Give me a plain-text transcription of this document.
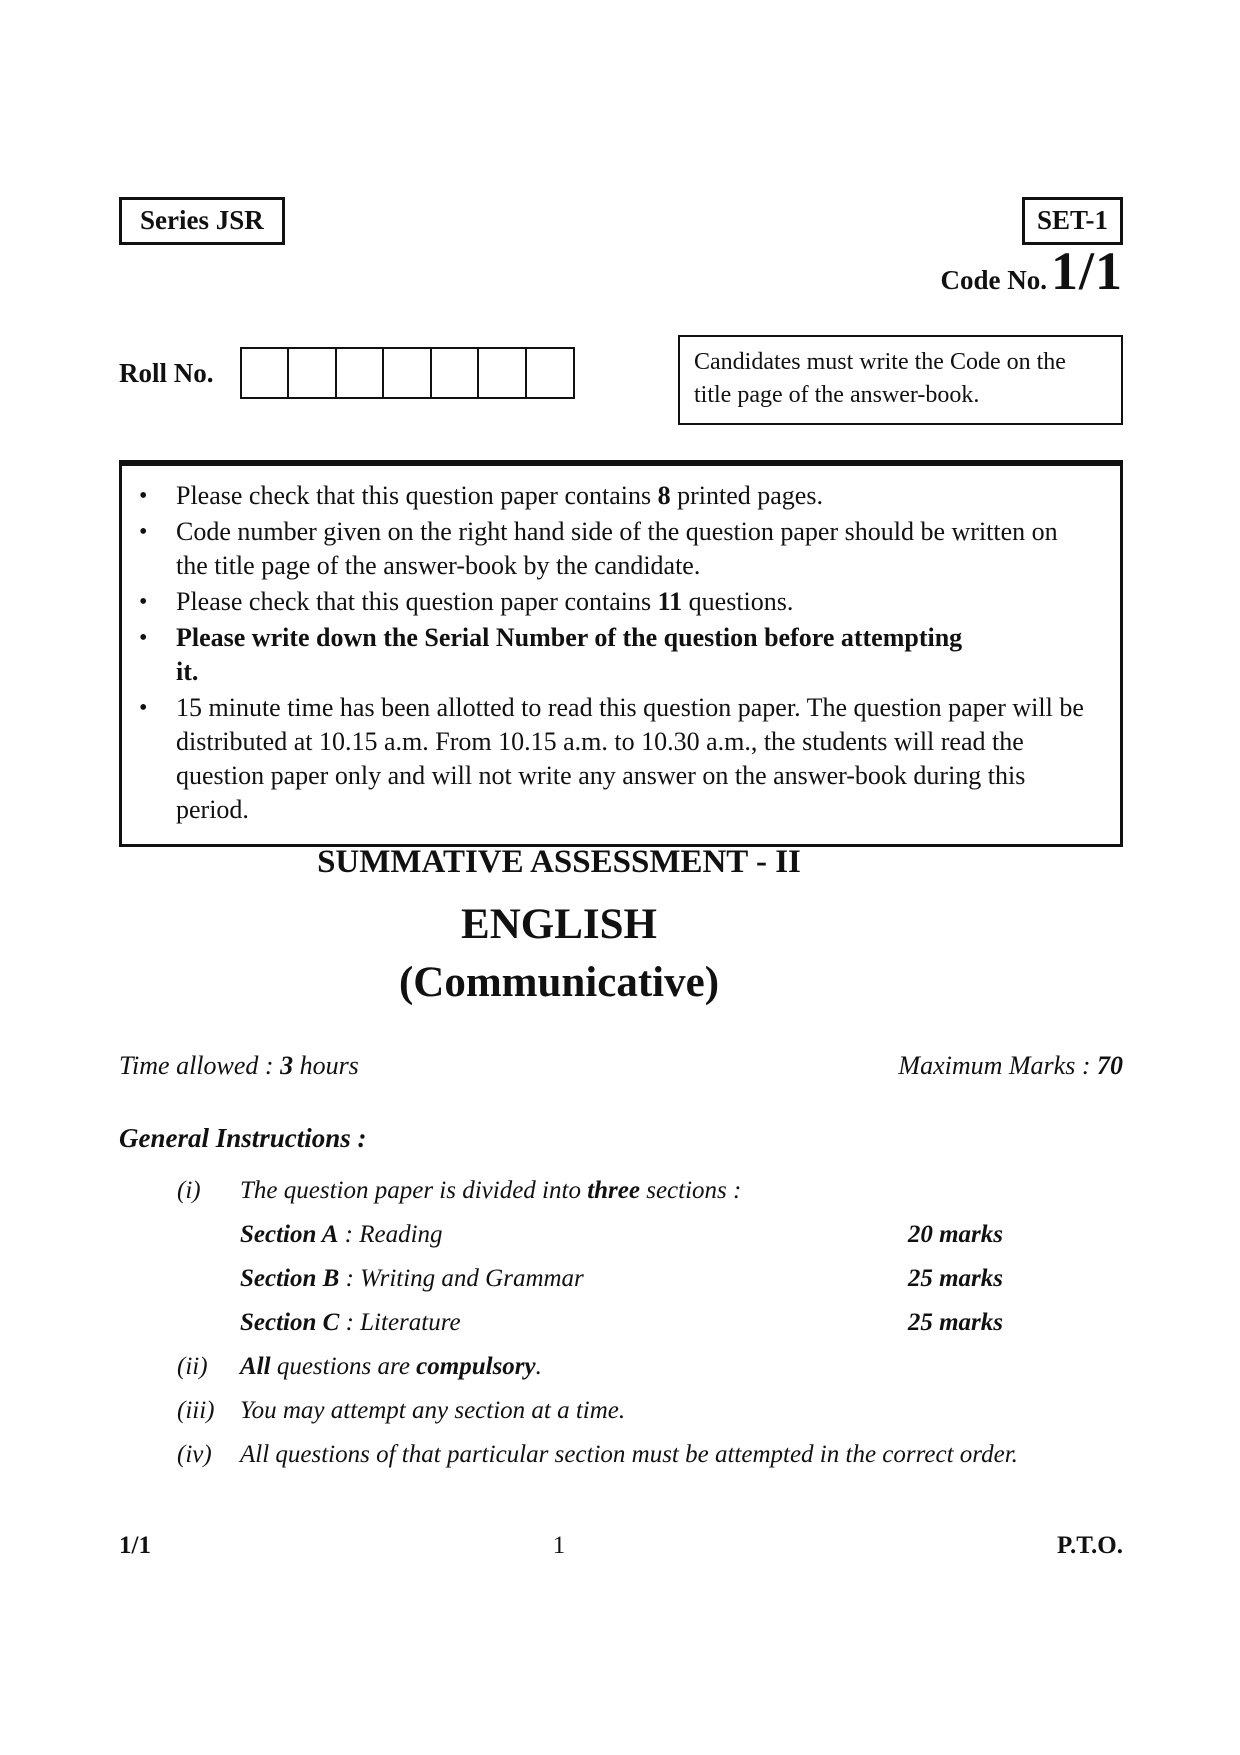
Series JSR	SET-1
Code No. 1/1
Roll No.	Candidates must write the Code on the title page of the answer-book.
•	Please check that this question paper contains 8 printed pages.
•	Code number given on the right hand side of the question paper should be written on the title page of the answer-book by the candidate.
•	Please check that this question paper contains 11 questions.
•	Please write down the Serial Number of the question before attempting
it.
•	15 minute time has been allotted to read this question paper. The question paper will be distributed at 10.15 a.m. From 10.15 a.m. to 10.30 a.m., the students will read the question paper only and will not write any answer on the answer-book during this period.
SUMMATIVE ASSESSMENT - II
ENGLISH
(Communicative)
Time allowed : 3 hours	Maximum Marks : 70
General Instructions :
(i)	The question paper is divided into three sections :
Section A : Reading	20 marks
Section B : Writing and Grammar	25 marks
Section C : Literature	25 marks
(ii)	All questions are compulsory.
(iii)	You may attempt any section at a time.
(iv)	All questions of that particular section must be attempted in the correct order.
1/1	1	P.T.O.
